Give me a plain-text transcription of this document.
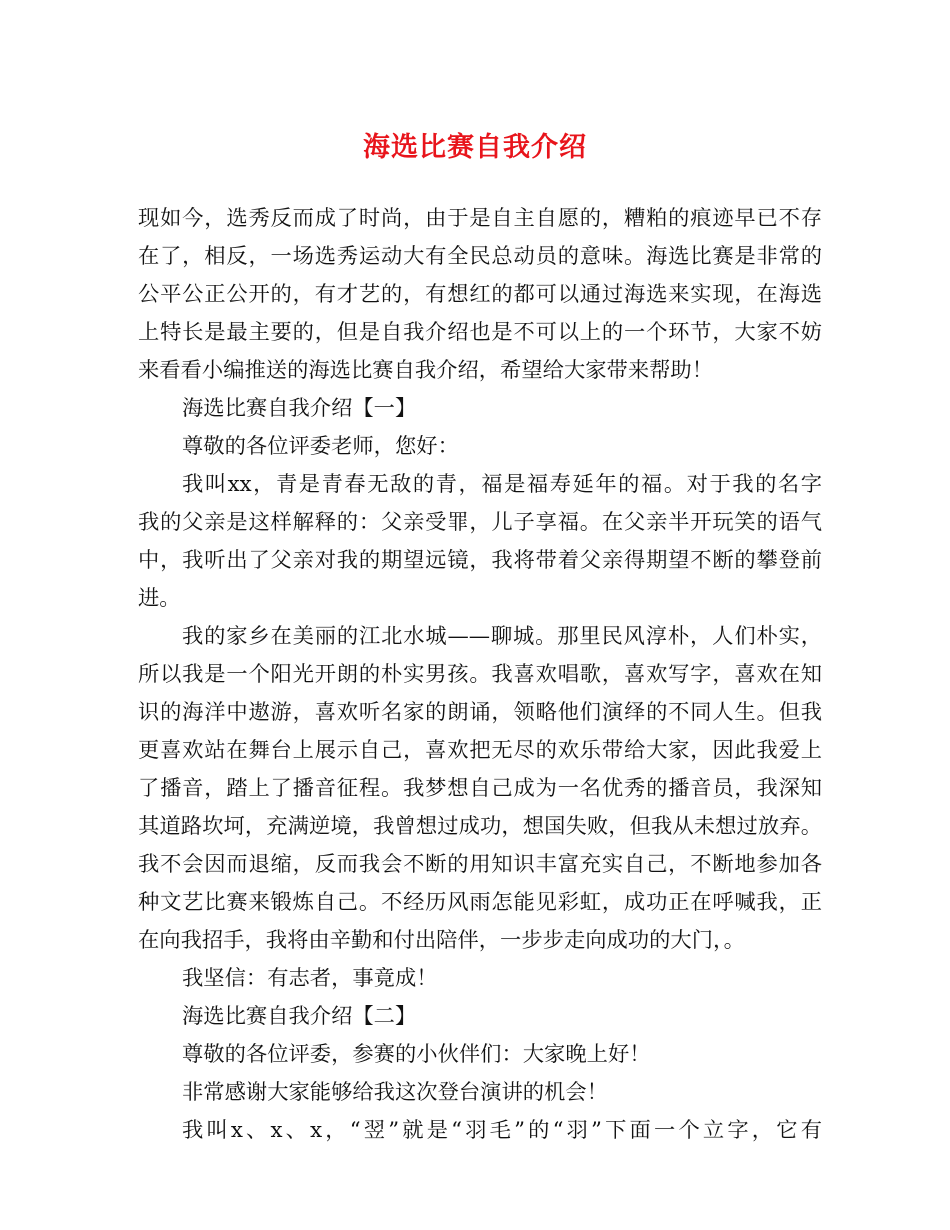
海选比赛自我介绍
现如今，选秀反而成了时尚，由于是自主自愿的，糟粕的痕迹早已不存
在了，相反，一场选秀运动大有全民总动员的意味。海选比赛是非常的
公平公正公开的，有才艺的，有想红的都可以通过海选来实现，在海选
上特长是最主要的，但是自我介绍也是不可以上的一个环节，大家不妨
来看看小编推送的海选比赛自我介绍，希望给大家带来帮助！
海选比赛自我介绍【一】
尊敬的各位评委老师，您好：
我叫xx，青是青春无敌的青，福是福寿延年的福。对于我的名字
我的父亲是这样解释的：父亲受罪，儿子享福。在父亲半开玩笑的语气
中，我听出了父亲对我的期望远镜，我将带着父亲得期望不断的攀登前
进。
我的家乡在美丽的江北水城——聊城。那里民风淳朴，人们朴实，
所以我是一个阳光开朗的朴实男孩。我喜欢唱歌，喜欢写字，喜欢在知
识的海洋中遨游，喜欢听名家的朗诵，领略他们演绎的不同人生。但我
更喜欢站在舞台上展示自己，喜欢把无尽的欢乐带给大家，因此我爱上
了播音，踏上了播音征程。我梦想自己成为一名优秀的播音员，我深知
其道路坎坷，充满逆境，我曾想过成功，想国失败，但我从未想过放弃。
我不会因而退缩，反而我会不断的用知识丰富充实自己，不断地参加各
种文艺比赛来锻炼自己。不经历风雨怎能见彩虹，成功正在呼喊我，正
在向我招手，我将由辛勤和付出陪伴，一步步走向成功的大门，。
我坚信：有志者，事竟成！
海选比赛自我介绍【二】
尊敬的各位评委，参赛的小伙伴们：大家晚上好！
非常感谢大家能够给我这次登台演讲的机会！
我叫x、x、x，“翌”就是“羽毛”的“羽”下面一个立字，它有
